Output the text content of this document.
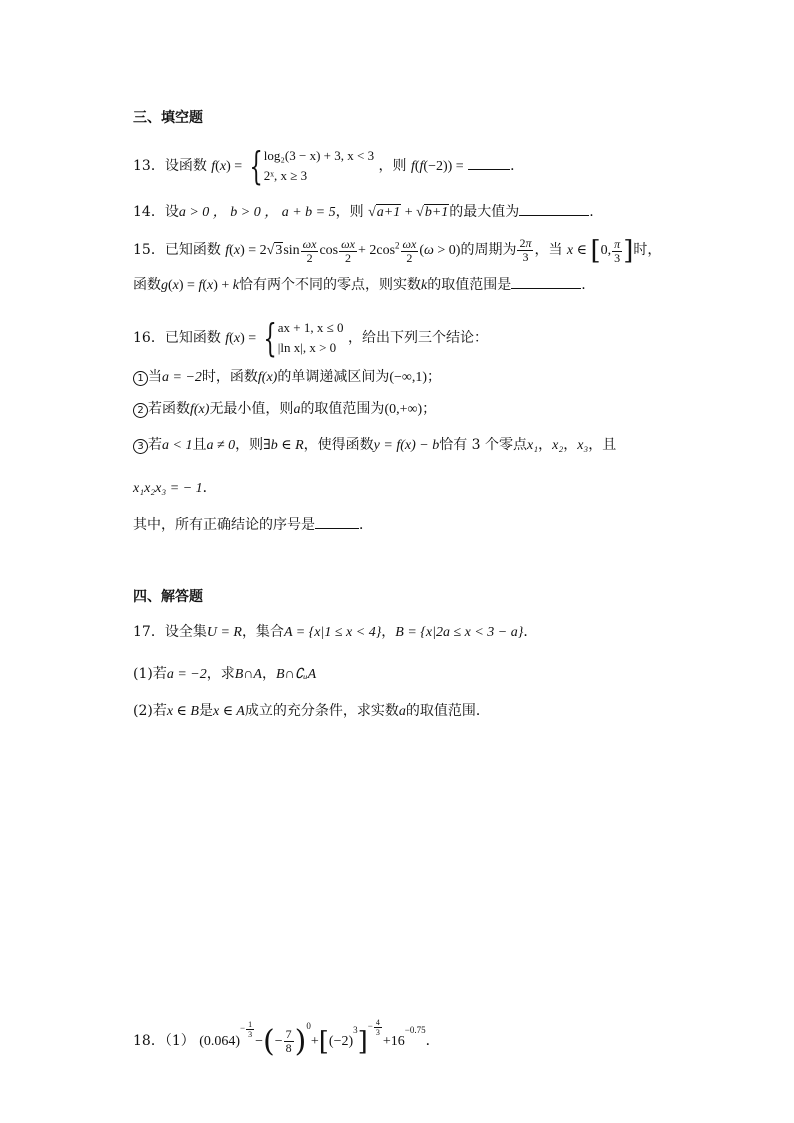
三、填空题
13．设函数 f(x) = { log₂(3 − x) + 3, x < 3
2ˣ, x ≥ 3
，则 f(f(−2)) =	．
14．设a > 0 ， b > 0 ， a + b = 5，则 √a+1 + √b+1的最大值为	.
15．已知函数 $f(x) = 2√3\sin \frac{\omega x}{2}$ $\cos \frac{\omega x}{2} + 2\cos^2 \frac{\omega x}{2} (\omega > 0)$的周期为 $\frac{2\pi}{3}$ ，当 x ∈ [0, $\frac{\pi}{3}$ ]时，
函数g(x) = f(x) + k恰有两个不同的零点，则实数k的取值范围是	.
16．已知函数 f(x) = { ax + 1, x ≤ 0
|ln x|, x > 0
，给出下列三个结论：
1 当a = −2时，函数f(x)的单调递减区间为(−∞,1)；
2 若函数f(x)无最小值，则a的取值范围为(0,+∞)；
3 若a < 1且a ≠ 0，则∃b ∈ R，使得函数y = f(x) − b恰有 3 个零点x₁，x₂，x₃，且
x₁x₂x₃ = − 1．
其中，所有正确结论的序号是	．
四、解答题
17．设全集U = R，集合A = {x|1 ≤ x < 4}，B = {x|2a ≤ x < 3 − a}．
(1)若a = −2，求B∩A，B∩∁ᵤA
(2)若x ∈ B是x ∈ A成立的充分条件，求实数a的取值范围．
18．（1） $(0.064)^{- \frac{1}{3}}$
−(− $\frac{7}{8} )^0+[(-2)^3]^{- \frac{4}{3}}$
$+16^{-0.75}$．
